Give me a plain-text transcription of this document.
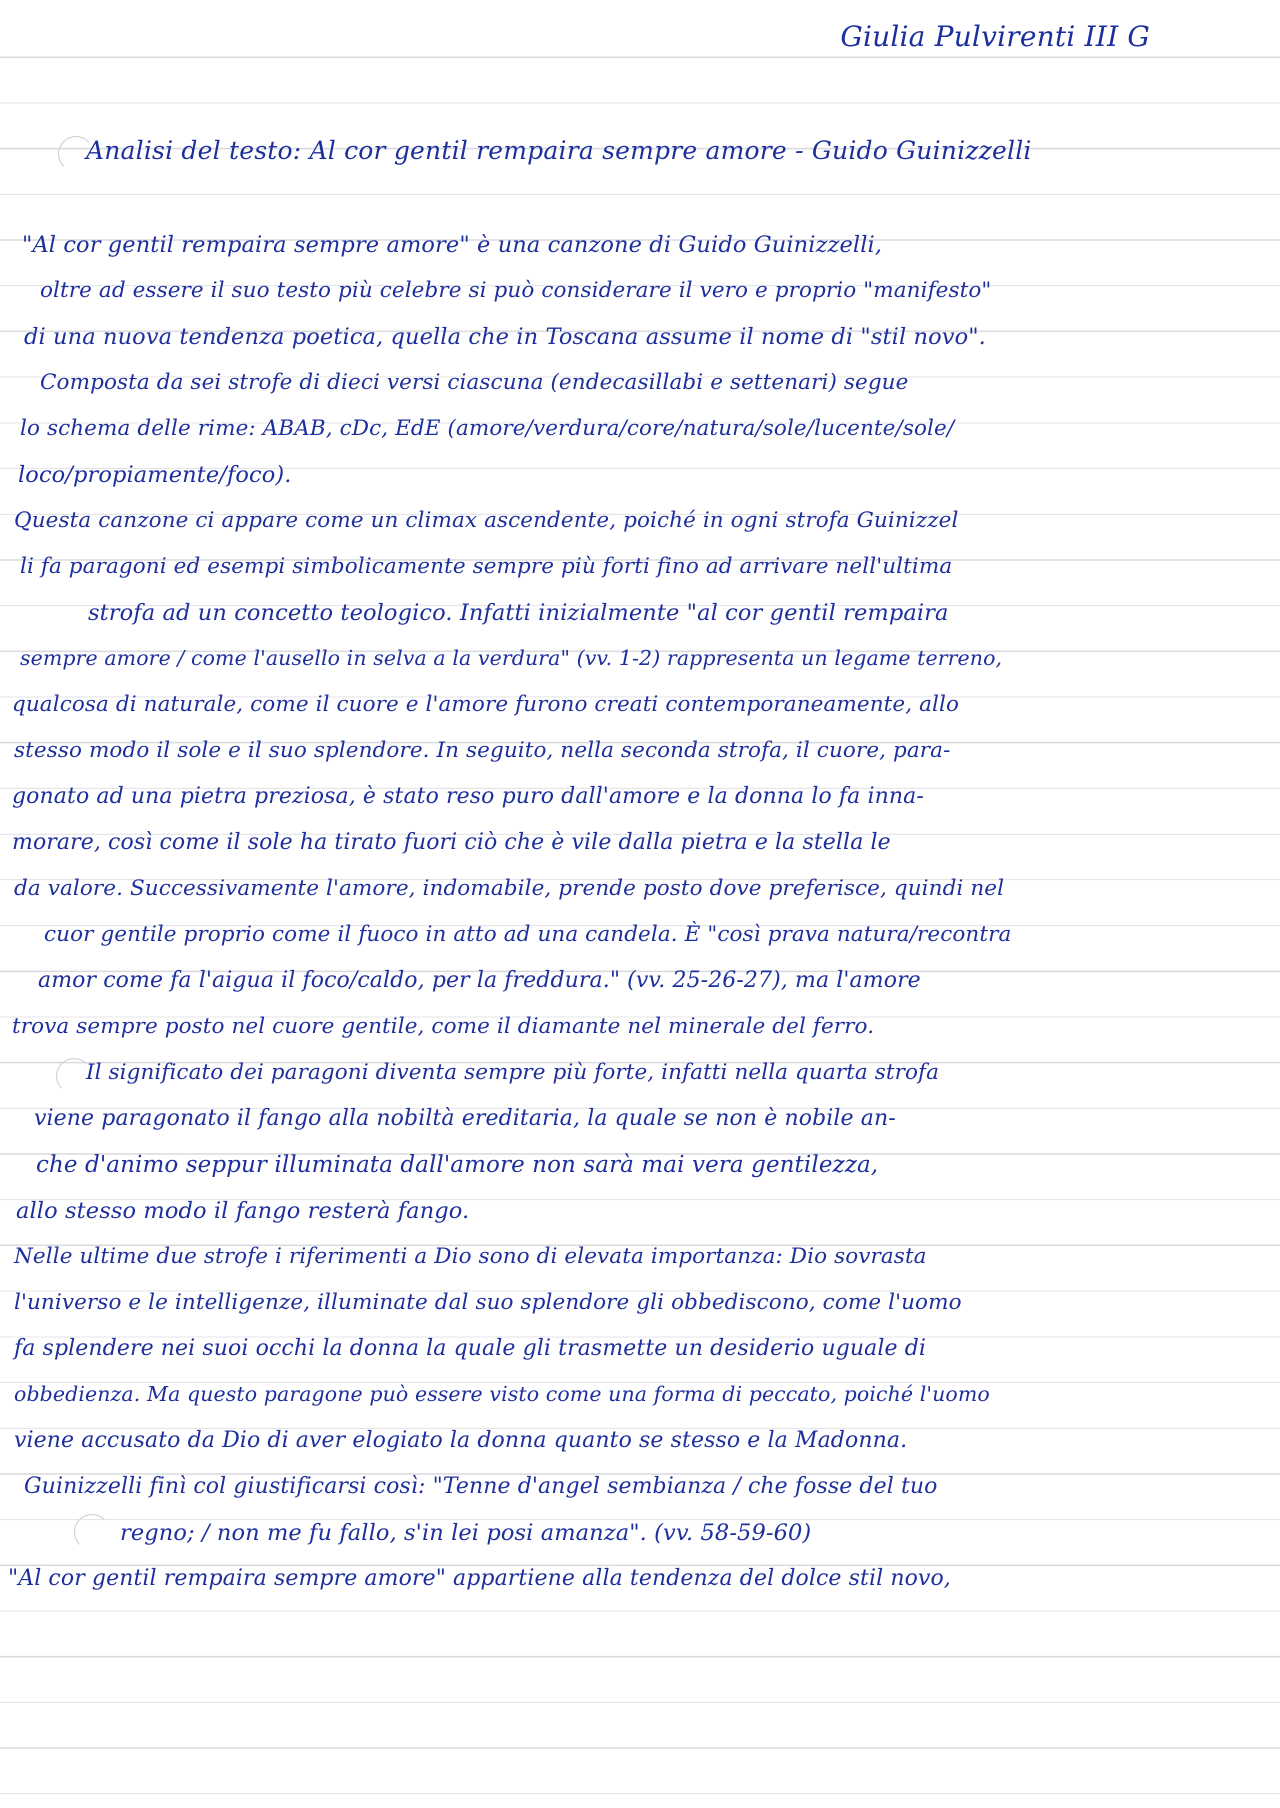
Giulia Pulvirenti III G
Analisi del testo: Al cor gentil rempaira sempre amore - Guido Guinizzelli
"Al cor gentil rempaira sempre amore" è una canzone di Guido Guinizzelli,
oltre ad essere il suo testo più celebre si può considerare il vero e proprio "manifesto"
di una nuova tendenza poetica, quella che in Toscana assume il nome di "stil novo".
Composta da sei strofe di dieci versi ciascuna (endecasillabi e settenari) segue
lo schema delle rime: ABAB, cDc, EdE (amore/verdura/core/natura/sole/lucente/sole/
loco/propiamente/foco).
Questa canzone ci appare come un climax ascendente, poiché in ogni strofa Guinizzel
li fa paragoni ed esempi simbolicamente sempre più forti fino ad arrivare nell'ultima
strofa ad un concetto teologico. Infatti inizialmente "al cor gentil rempaira
sempre amore / come l'ausello in selva a la verdura" (vv. 1-2) rappresenta un legame terreno,
qualcosa di naturale, come il cuore e l'amore furono creati contemporaneamente, allo
stesso modo il sole e il suo splendore. In seguito, nella seconda strofa, il cuore, para-
gonato ad una pietra preziosa, è stato reso puro dall'amore e la donna lo fa inna-
morare, così come il sole ha tirato fuori ciò che è vile dalla pietra e la stella le
da valore. Successivamente l'amore, indomabile, prende posto dove preferisce, quindi nel
cuor gentile proprio come il fuoco in atto ad una candela. È "così prava natura/recontra
amor come fa l'aigua il foco/caldo, per la freddura." (vv. 25-26-27), ma l'amore
trova sempre posto nel cuore gentile, come il diamante nel minerale del ferro.
Il significato dei paragoni diventa sempre più forte, infatti nella quarta strofa
viene paragonato il fango alla nobiltà ereditaria, la quale se non è nobile an-
che d'animo seppur illuminata dall'amore non sarà mai vera gentilezza,
allo stesso modo il fango resterà fango.
Nelle ultime due strofe i riferimenti a Dio sono di elevata importanza: Dio sovrasta
l'universo e le intelligenze, illuminate dal suo splendore gli obbediscono, come l'uomo
fa splendere nei suoi occhi la donna la quale gli trasmette un desiderio uguale di
obbedienza. Ma questo paragone può essere visto come una forma di peccato, poiché l'uomo
viene accusato da Dio di aver elogiato la donna quanto se stesso e la Madonna.
Guinizzelli finì col giustificarsi così: "Tenne d'angel sembianza / che fosse del tuo
regno; / non me fu fallo, s'in lei posi amanza". (vv. 58-59-60)
"Al cor gentil rempaira sempre amore" appartiene alla tendenza del dolce stil novo,
